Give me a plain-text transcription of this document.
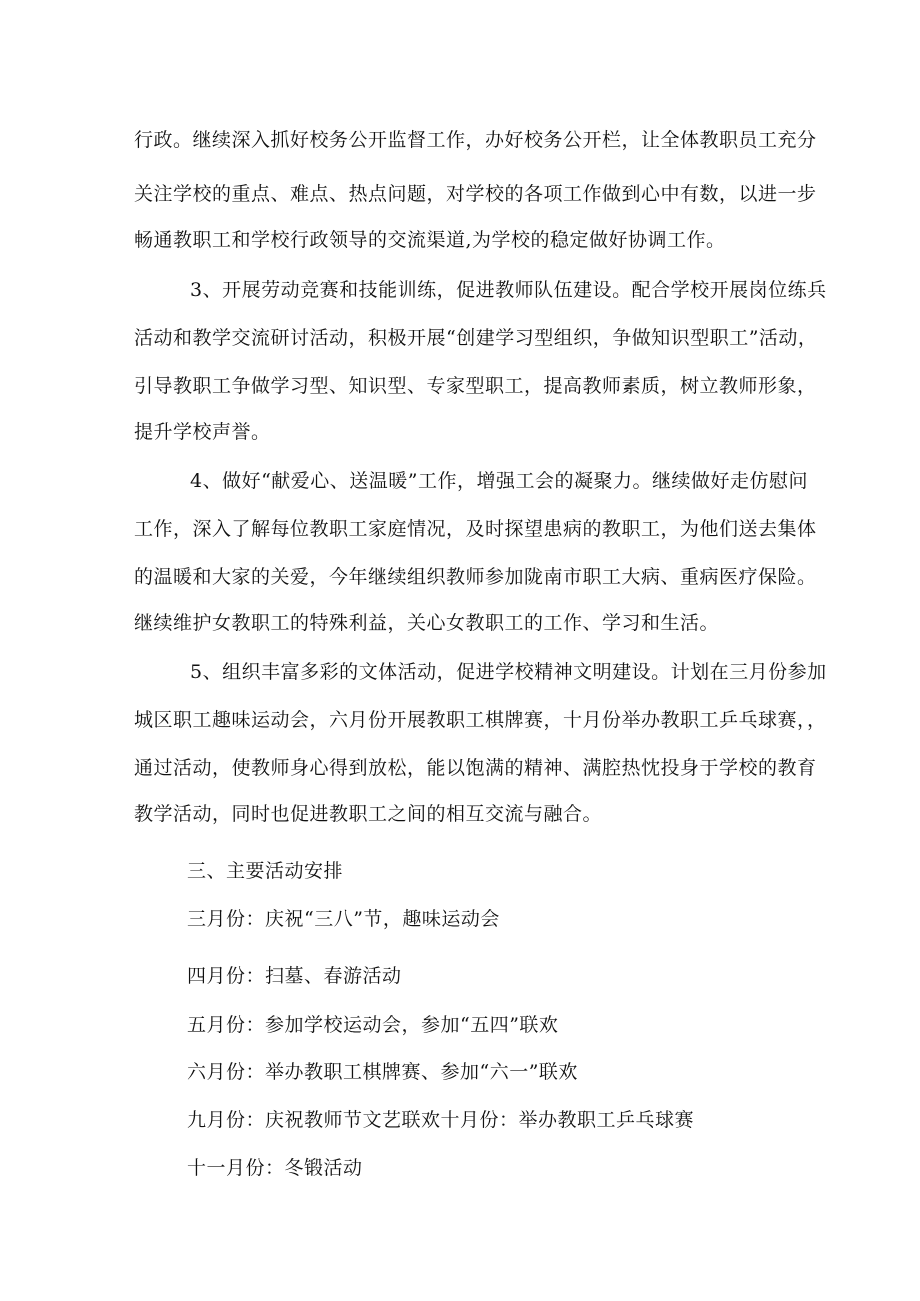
行政。继续深入抓好校务公开监督工作，办好校务公开栏，让全体教职员工充分
关注学校的重点、难点、热点问题，对学校的各项工作做到心中有数，以进一步
畅通教职工和学校行政领导的交流渠道,为学校的稳定做好协调工作。
3、开展劳动竞赛和技能训练，促进教师队伍建设。配合学校开展岗位练兵
活动和教学交流研讨活动，积极开展“创建学习型组织，争做知识型职工”活动，
引导教职工争做学习型、知识型、专家型职工，提高教师素质，树立教师形象，
提升学校声誉。
4、做好“献爱心、送温暖”工作，增强工会的凝聚力。继续做好走仿慰问
工作，深入了解每位教职工家庭情况，及时探望患病的教职工，为他们送去集体
的温暖和大家的关爱，今年继续组织教师参加陇南市职工大病、重病医疗保险。
继续维护女教职工的特殊利益，关心女教职工的工作、学习和生活。
5、组织丰富多彩的文体活动，促进学校精神文明建设。计划在三月份参加
城区职工趣味运动会，六月份开展教职工棋牌赛，十月份举办教职工乒乓球赛，，
通过活动，使教师身心得到放松，能以饱满的精神、满腔热忱投身于学校的教育
教学活动，同时也促进教职工之间的相互交流与融合。
三、主要活动安排
三月份：庆祝“三八”节，趣味运动会
四月份：扫墓、春游活动
五月份：参加学校运动会，参加“五四”联欢
六月份：举办教职工棋牌赛、参加“六一”联欢
九月份：庆祝教师节文艺联欢十月份：举办教职工乒乓球赛
十一月份：冬锻活动
